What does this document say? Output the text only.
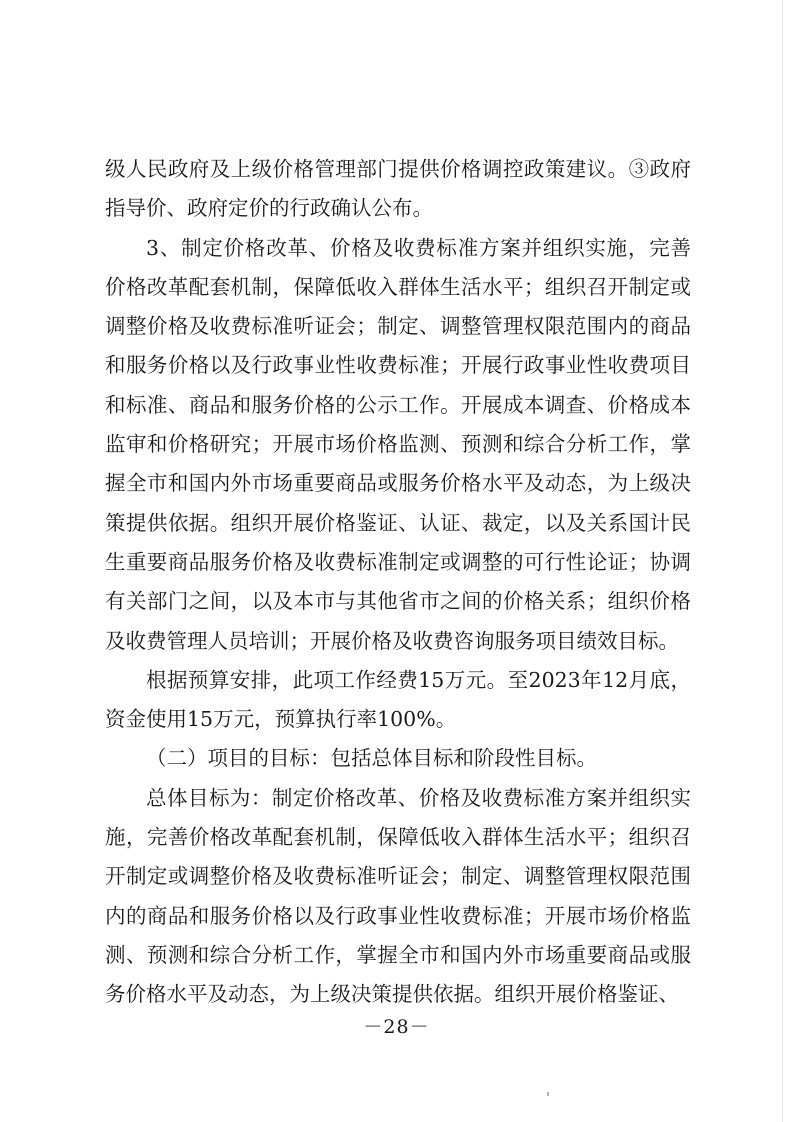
级人民政府及上级价格管理部门提供价格调控政策建议。③政府指导价、政府定价的行政确认公布。

3、制定价格改革、价格及收费标准方案并组织实施，完善价格改革配套机制，保障低收入群体生活水平；组织召开制定或调整价格及收费标准听证会；制定、调整管理权限范围内的商品和服务价格以及行政事业性收费标准；开展行政事业性收费项目和标准、商品和服务价格的公示工作。开展成本调查、价格成本监审和价格研究；开展市场价格监测、预测和综合分析工作，掌握全市和国内外市场重要商品或服务价格水平及动态，为上级决策提供依据。组织开展价格鉴证、认证、裁定，以及关系国计民生重要商品服务价格及收费标准制定或调整的可行性论证；协调有关部门之间，以及本市与其他省市之间的价格关系；组织价格及收费管理人员培训；开展价格及收费咨询服务项目绩效目标。

根据预算安排，此项工作经费15万元。至2023年12月底，资金使用15万元，预算执行率100%。

（二）项目的目标：包括总体目标和阶段性目标。

总体目标为：制定价格改革、价格及收费标准方案并组织实施，完善价格改革配套机制，保障低收入群体生活水平；组织召开制定或调整价格及收费标准听证会；制定、调整管理权限范围内的商品和服务价格以及行政事业性收费标准；开展市场价格监测、预测和综合分析工作，掌握全市和国内外市场重要商品或服务价格水平及动态，为上级决策提供依据。组织开展价格鉴证、

－28－
